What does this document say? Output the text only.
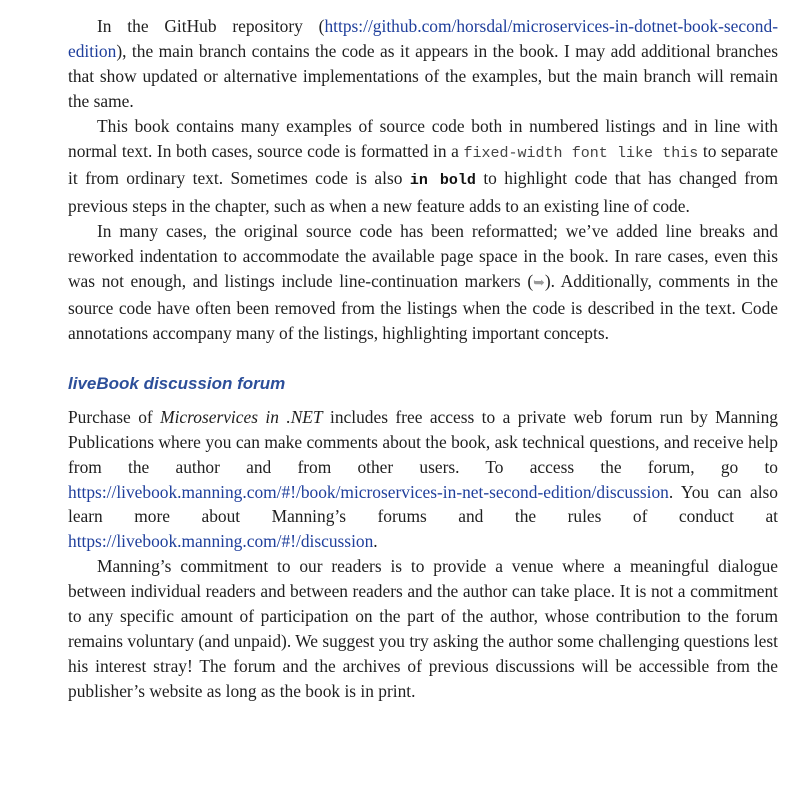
In the GitHub repository (https://github.com/horsdal/microservices-in-dotnet-book-second-edition), the main branch contains the code as it appears in the book. I may add additional branches that show updated or alternative implementations of the examples, but the main branch will remain the same.

This book contains many examples of source code both in numbered listings and in line with normal text. In both cases, source code is formatted in a fixed-width font like this to separate it from ordinary text. Sometimes code is also in bold to highlight code that has changed from previous steps in the chapter, such as when a new feature adds to an existing line of code.

In many cases, the original source code has been reformatted; we’ve added line breaks and reworked indentation to accommodate the available page space in the book. In rare cases, even this was not enough, and listings include line-continuation markers (➥). Additionally, comments in the source code have often been removed from the listings when the code is described in the text. Code annotations accompany many of the listings, highlighting important concepts.

liveBook discussion forum

Purchase of Microservices in .NET includes free access to a private web forum run by Manning Publications where you can make comments about the book, ask technical questions, and receive help from the author and from other users. To access the forum, go to https://livebook.manning.com/#!/book/microservices-in-net-second-edition/discussion. You can also learn more about Manning’s forums and the rules of conduct at https://livebook.manning.com/#!/discussion.

Manning’s commitment to our readers is to provide a venue where a meaningful dialogue between individual readers and between readers and the author can take place. It is not a commitment to any specific amount of participation on the part of the author, whose contribution to the forum remains voluntary (and unpaid). We suggest you try asking the author some challenging questions lest his interest stray! The forum and the archives of previous discussions will be accessible from the publisher’s website as long as the book is in print.
